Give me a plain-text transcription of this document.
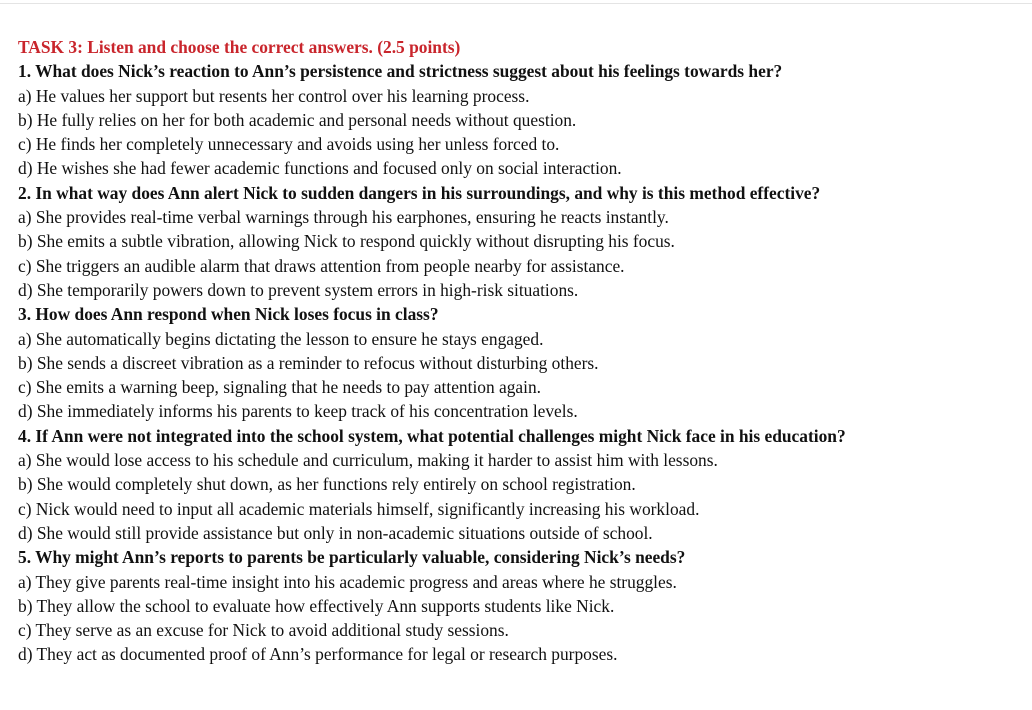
TASK 3: Listen and choose the correct answers. (2.5 points)

1. What does Nick’s reaction to Ann’s persistence and strictness suggest about his feelings towards her?

a) He values her support but resents her control over his learning process.

b) He fully relies on her for both academic and personal needs without question.

c) He finds her completely unnecessary and avoids using her unless forced to.

d) He wishes she had fewer academic functions and focused only on social interaction.

2. In what way does Ann alert Nick to sudden dangers in his surroundings, and why is this method effective?

a) She provides real-time verbal warnings through his earphones, ensuring he reacts instantly.

b) She emits a subtle vibration, allowing Nick to respond quickly without disrupting his focus.

c) She triggers an audible alarm that draws attention from people nearby for assistance.

d) She temporarily powers down to prevent system errors in high-risk situations.

3. How does Ann respond when Nick loses focus in class?

a) She automatically begins dictating the lesson to ensure he stays engaged.

b) She sends a discreet vibration as a reminder to refocus without disturbing others.

c) She emits a warning beep, signaling that he needs to pay attention again.

d) She immediately informs his parents to keep track of his concentration levels.

4. If Ann were not integrated into the school system, what potential challenges might Nick face in his education?

a) She would lose access to his schedule and curriculum, making it harder to assist him with lessons.

b) She would completely shut down, as her functions rely entirely on school registration.

c) Nick would need to input all academic materials himself, significantly increasing his workload.

d) She would still provide assistance but only in non-academic situations outside of school.

5. Why might Ann’s reports to parents be particularly valuable, considering Nick’s needs?

a) They give parents real-time insight into his academic progress and areas where he struggles.

b) They allow the school to evaluate how effectively Ann supports students like Nick.

c) They serve as an excuse for Nick to avoid additional study sessions.

d) They act as documented proof of Ann’s performance for legal or research purposes.
